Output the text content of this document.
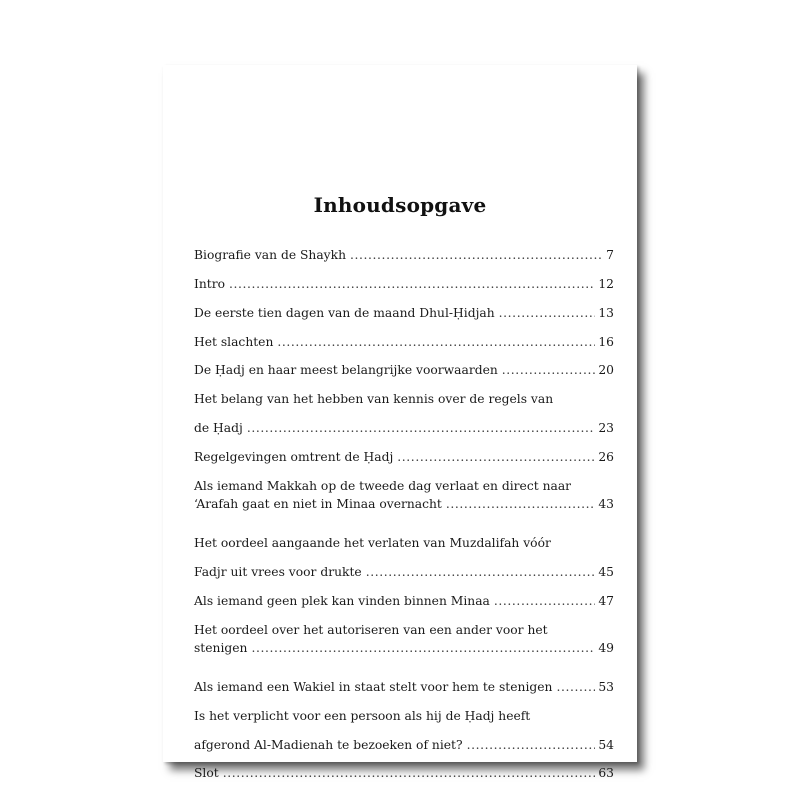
Inhoudsopgave
Biografie van de Shaykh .....	7
Intro .....	12
De eerste tien dagen van de maand Dhul-Ḥidjah .....	13
Het slachten .....	16
De Ḥadj en haar meest belangrijke voorwaarden .....	20
Het belang van het hebben van kennis over de regels van
de Ḥadj .....	23
Regelgevingen omtrent de Ḥadj .....	26
Als iemand Makkah op de tweede dag verlaat en direct naar
‘Arafah gaat en niet in Minaa overnacht .....	43
Het oordeel aangaande het verlaten van Muzdalifah vóór
Fadjr uit vrees voor drukte .....	45
Als iemand geen plek kan vinden binnen Minaa .....	47
Het oordeel over het autoriseren van een ander voor het
stenigen .....	49
Als iemand een Wakiel in staat stelt voor hem te stenigen .....	53
Is het verplicht voor een persoon als hij de Ḥadj heeft
afgerond Al-Madienah te bezoeken of niet? .....	54
Slot .....	63
